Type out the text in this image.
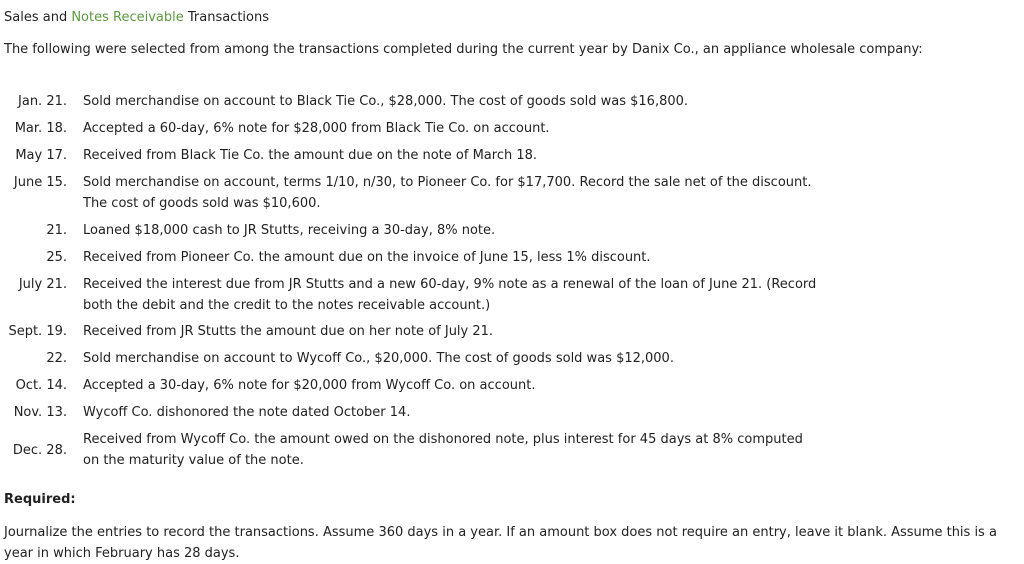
Sales and Notes Receivable Transactions
The following were selected from among the transactions completed during the current year by Danix Co., an appliance wholesale company:
Jan. 21. Sold merchandise on account to Black Tie Co., $28,000. The cost of goods sold was $16,800.
Mar. 18. Accepted a 60-day, 6% note for $28,000 from Black Tie Co. on account.
May 17. Received from Black Tie Co. the amount due on the note of March 18.
June 15. Sold merchandise on account, terms 1/10, n/30, to Pioneer Co. for $17,700. Record the sale net of the discount. The cost of goods sold was $10,600.
21. Loaned $18,000 cash to JR Stutts, receiving a 30-day, 8% note.
25. Received from Pioneer Co. the amount due on the invoice of June 15, less 1% discount.
July 21. Received the interest due from JR Stutts and a new 60-day, 9% note as a renewal of the loan of June 21. (Record both the debit and the credit to the notes receivable account.)
Sept. 19. Received from JR Stutts the amount due on her note of July 21.
22. Sold merchandise on account to Wycoff Co., $20,000. The cost of goods sold was $12,000.
Oct. 14. Accepted a 30-day, 6% note for $20,000 from Wycoff Co. on account.
Nov. 13. Wycoff Co. dishonored the note dated October 14.
Dec. 28.
Received from Wycoff Co. the amount owed on the dishonored note, plus interest for 45 days at 8% computed on the maturity value of the note.
Required:
Journalize the entries to record the transactions. Assume 360 days in a year. If an amount box does not require an entry, leave it blank. Assume this is a year in which February has 28 days.
